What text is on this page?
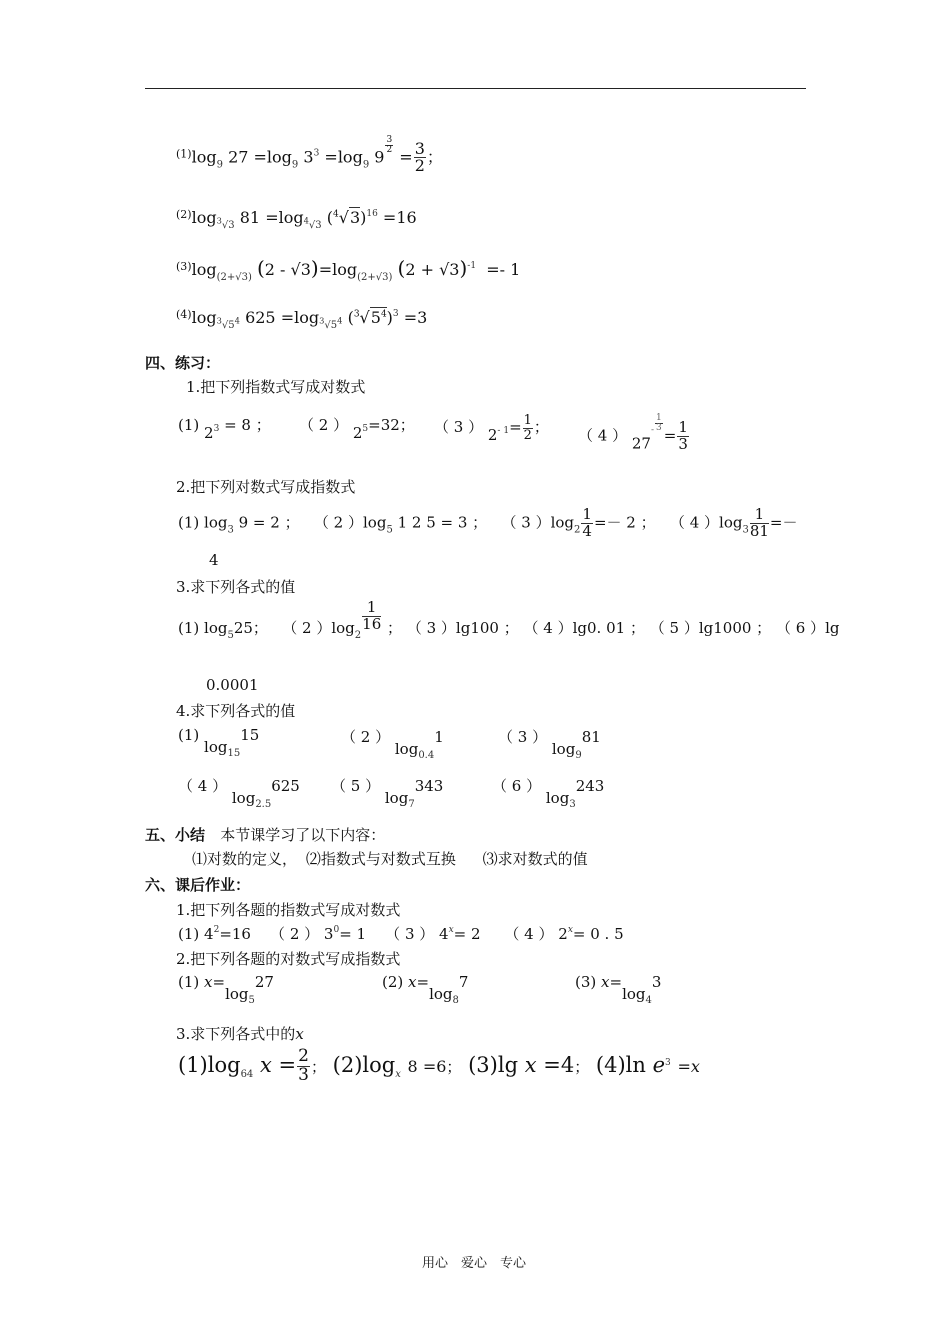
$^{(1)}\log_9$ $27 =\log_9$ $3^3 =\log_9$ 9
$\frac{3}{2}$
= $\frac{3}{2}$ ；
$^{(2)}\log_{^3√3}$ $81 =\log_{^4√3}$ $(^4√3)^{16} =16$
$^{(3)}\log_{(2+√3)}$ $(2 - √3)=\log_{(2+√3)}$ $(2 + √3)^{-1} =- 1$
$^{(4)}\log_{^3√5^4}$ $625 =\log_{^3√5^4}$ $(^3√5^4)^3 =3$
四、练习：
1.把下列指数式写成对数式
(1) $2^3 = 8$ ； （ 2 ） $2^5=32$； （ 3 ） $2^{- 1}= \frac{1}{2}$ ； （ 4 ） $27^- \frac{1}{3}$
= $\frac{1}{3}$
2.把下列对数式写成指数式
(1) $\log_3 9 = 2$ ； （ 2 ）$\log_5$ 1 2 5 = 3 ； （ 3 ）$\log_2 \frac{1}{4} =- 2$ ； （ 4 ）$\log_3 \frac{1}{81}$ =－
4
3.求下列各式的值
(1) $\log_525$； （ 2 ）$\log_2$
$\frac{1}{16}$ ； （ 3 ）lg100 ； （ 4 ）lg0. 01 ； （ 5 ）lg1000 ； （ 6 ）lg
0.0001
4.求下列各式的值
(1) $\log_{15}15$	（ 2 ） $\log_{0.4}1$	（ 3 ） $\log_981$
（ 4 ） $\log_{2.5}625$ （ 5 ） $\log_7343$	（ 6 ） $\log_3243$
五、小结 本节课学习了以下内容：
⑴对数的定义， ⑵指数式与对数式互换 ⑶求对数式的值
六、课后作业：
1.把下列各题的指数式写成对数式
(1) $4^2=16$ （ 2 ） $3^0= 1$ （ 3 ） $4^x= 2$ （ 4 ） $2^x= 0$ . 5
2.把下列各题的对数式写成指数式
(1) $x=\log_527$	(2) $x=\log_87$	(3) $x=\log_43$
3.求下列各式中的x
$(1)\log_{64}$ $x = \frac{2}{3}$ ； $(2)\log_x$ 8 =6； (3)lg x =4； (4)ln $e^3 =x$
用心　爱心　专心
